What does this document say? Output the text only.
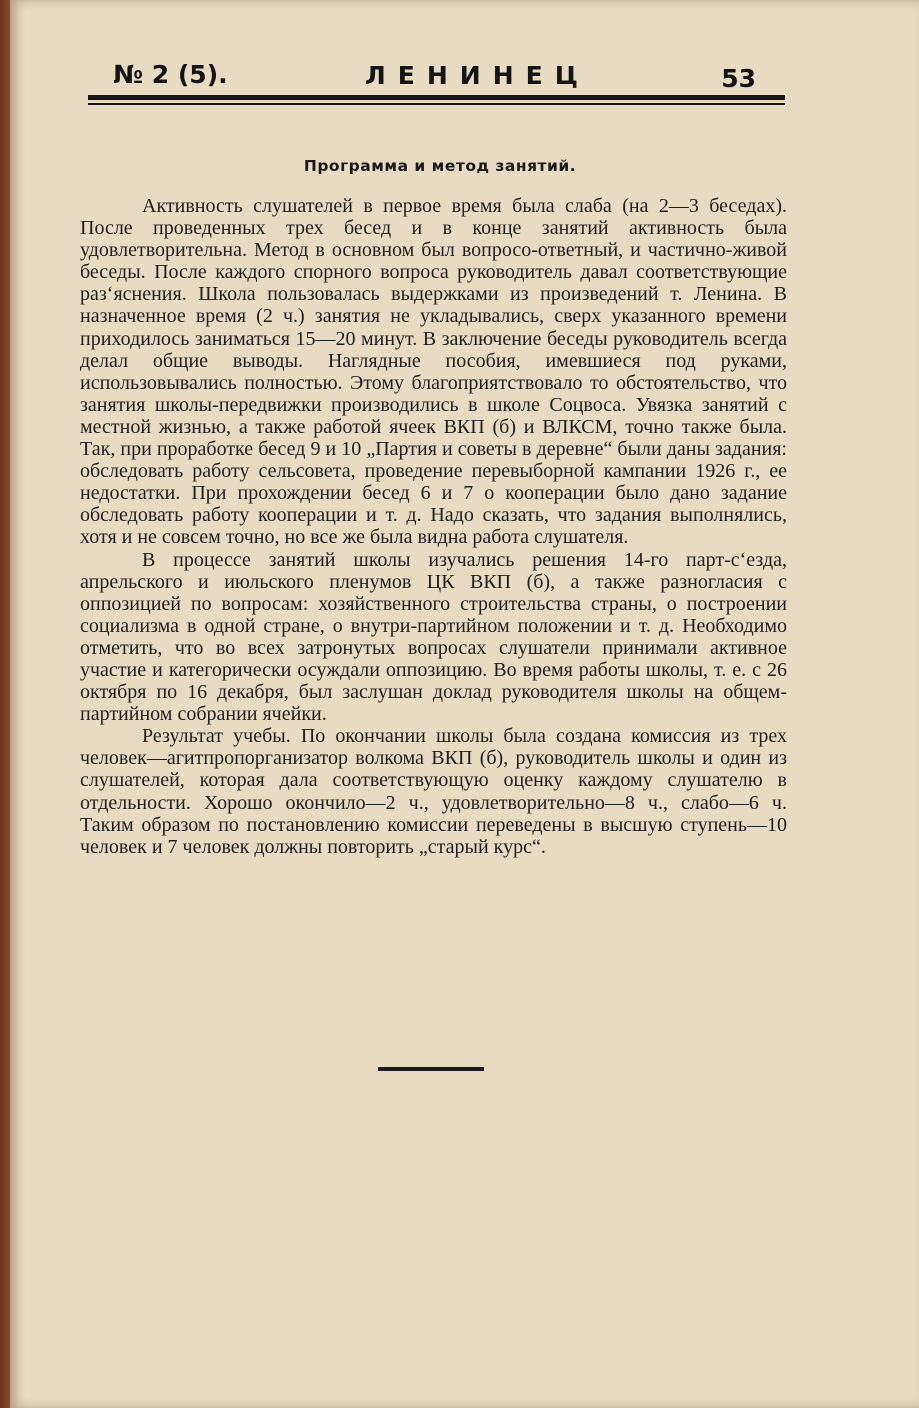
№ 2 (5).	ЛЕНИНЕЦ	53
Программа и метод занятий.

Активность слушателей в первое время была слаба (на 2—3 беседах). После проведенных трех бесед и в конце занятий активность была удовлетворительна. Метод в основном был вопросо-ответный, и частично-живой беседы. После каждого спорного вопроса руководитель давал соответствующие раз‘яснения. Школа пользовалась выдержками из произведений т. Ленина. В назначенное время (2 ч.) занятия не укладывались, сверх указанного времени приходилось заниматься 15—20 минут. В заключение беседы руководитель всегда делал общие выводы. Наглядные пособия, имевшиеся под руками, использовывались полностью. Этому благоприятствовало то обстоятельство, что занятия школы-передвижки производились в школе Соцвоса. Увязка занятий с местной жизнью, а также работой ячеек ВКП (б) и ВЛКСМ, точно также была. Так, при проработке бесед 9 и 10 „Партия и советы в деревне“ были даны задания: обследовать работу сельсовета, проведение перевыборной кампании 1926 г., ее недостатки. При прохождении бесед 6 и 7 о кооперации было дано задание обследовать работу кооперации и т. д. Надо сказать, что задания выполнялись, хотя и не совсем точно, но все же была видна работа слушателя.

В процессе занятий школы изучались решения 14-го парт-с‘езда, апрельского и июльского пленумов ЦК ВКП (б), а также разногласия с оппозицией по вопросам: хозяйственного строительства страны, о построении социализма в одной стране, о внутри-партийном положении и т. д. Необходимо отметить, что во всех затронутых вопросах слушатели принимали активное участие и категорически осуждали оппозицию. Во время работы школы, т. е. с 26 октября по 16 декабря, был заслушан доклад руководителя школы на общем-партийном собрании ячейки.

Результат учебы. По окончании школы была создана комиссия из трех человек—агитпропорганизатор волкома ВКП (б), руководитель школы и один из слушателей, которая дала соответствующую оценку каждому слушателю в отдельности. Хорошо окончило—2 ч., удовлетворительно—8 ч., слабо—6 ч. Таким образом по постановлению комиссии переведены в высшую ступень—10 человек и 7 человек должны повторить „старый курс“.
